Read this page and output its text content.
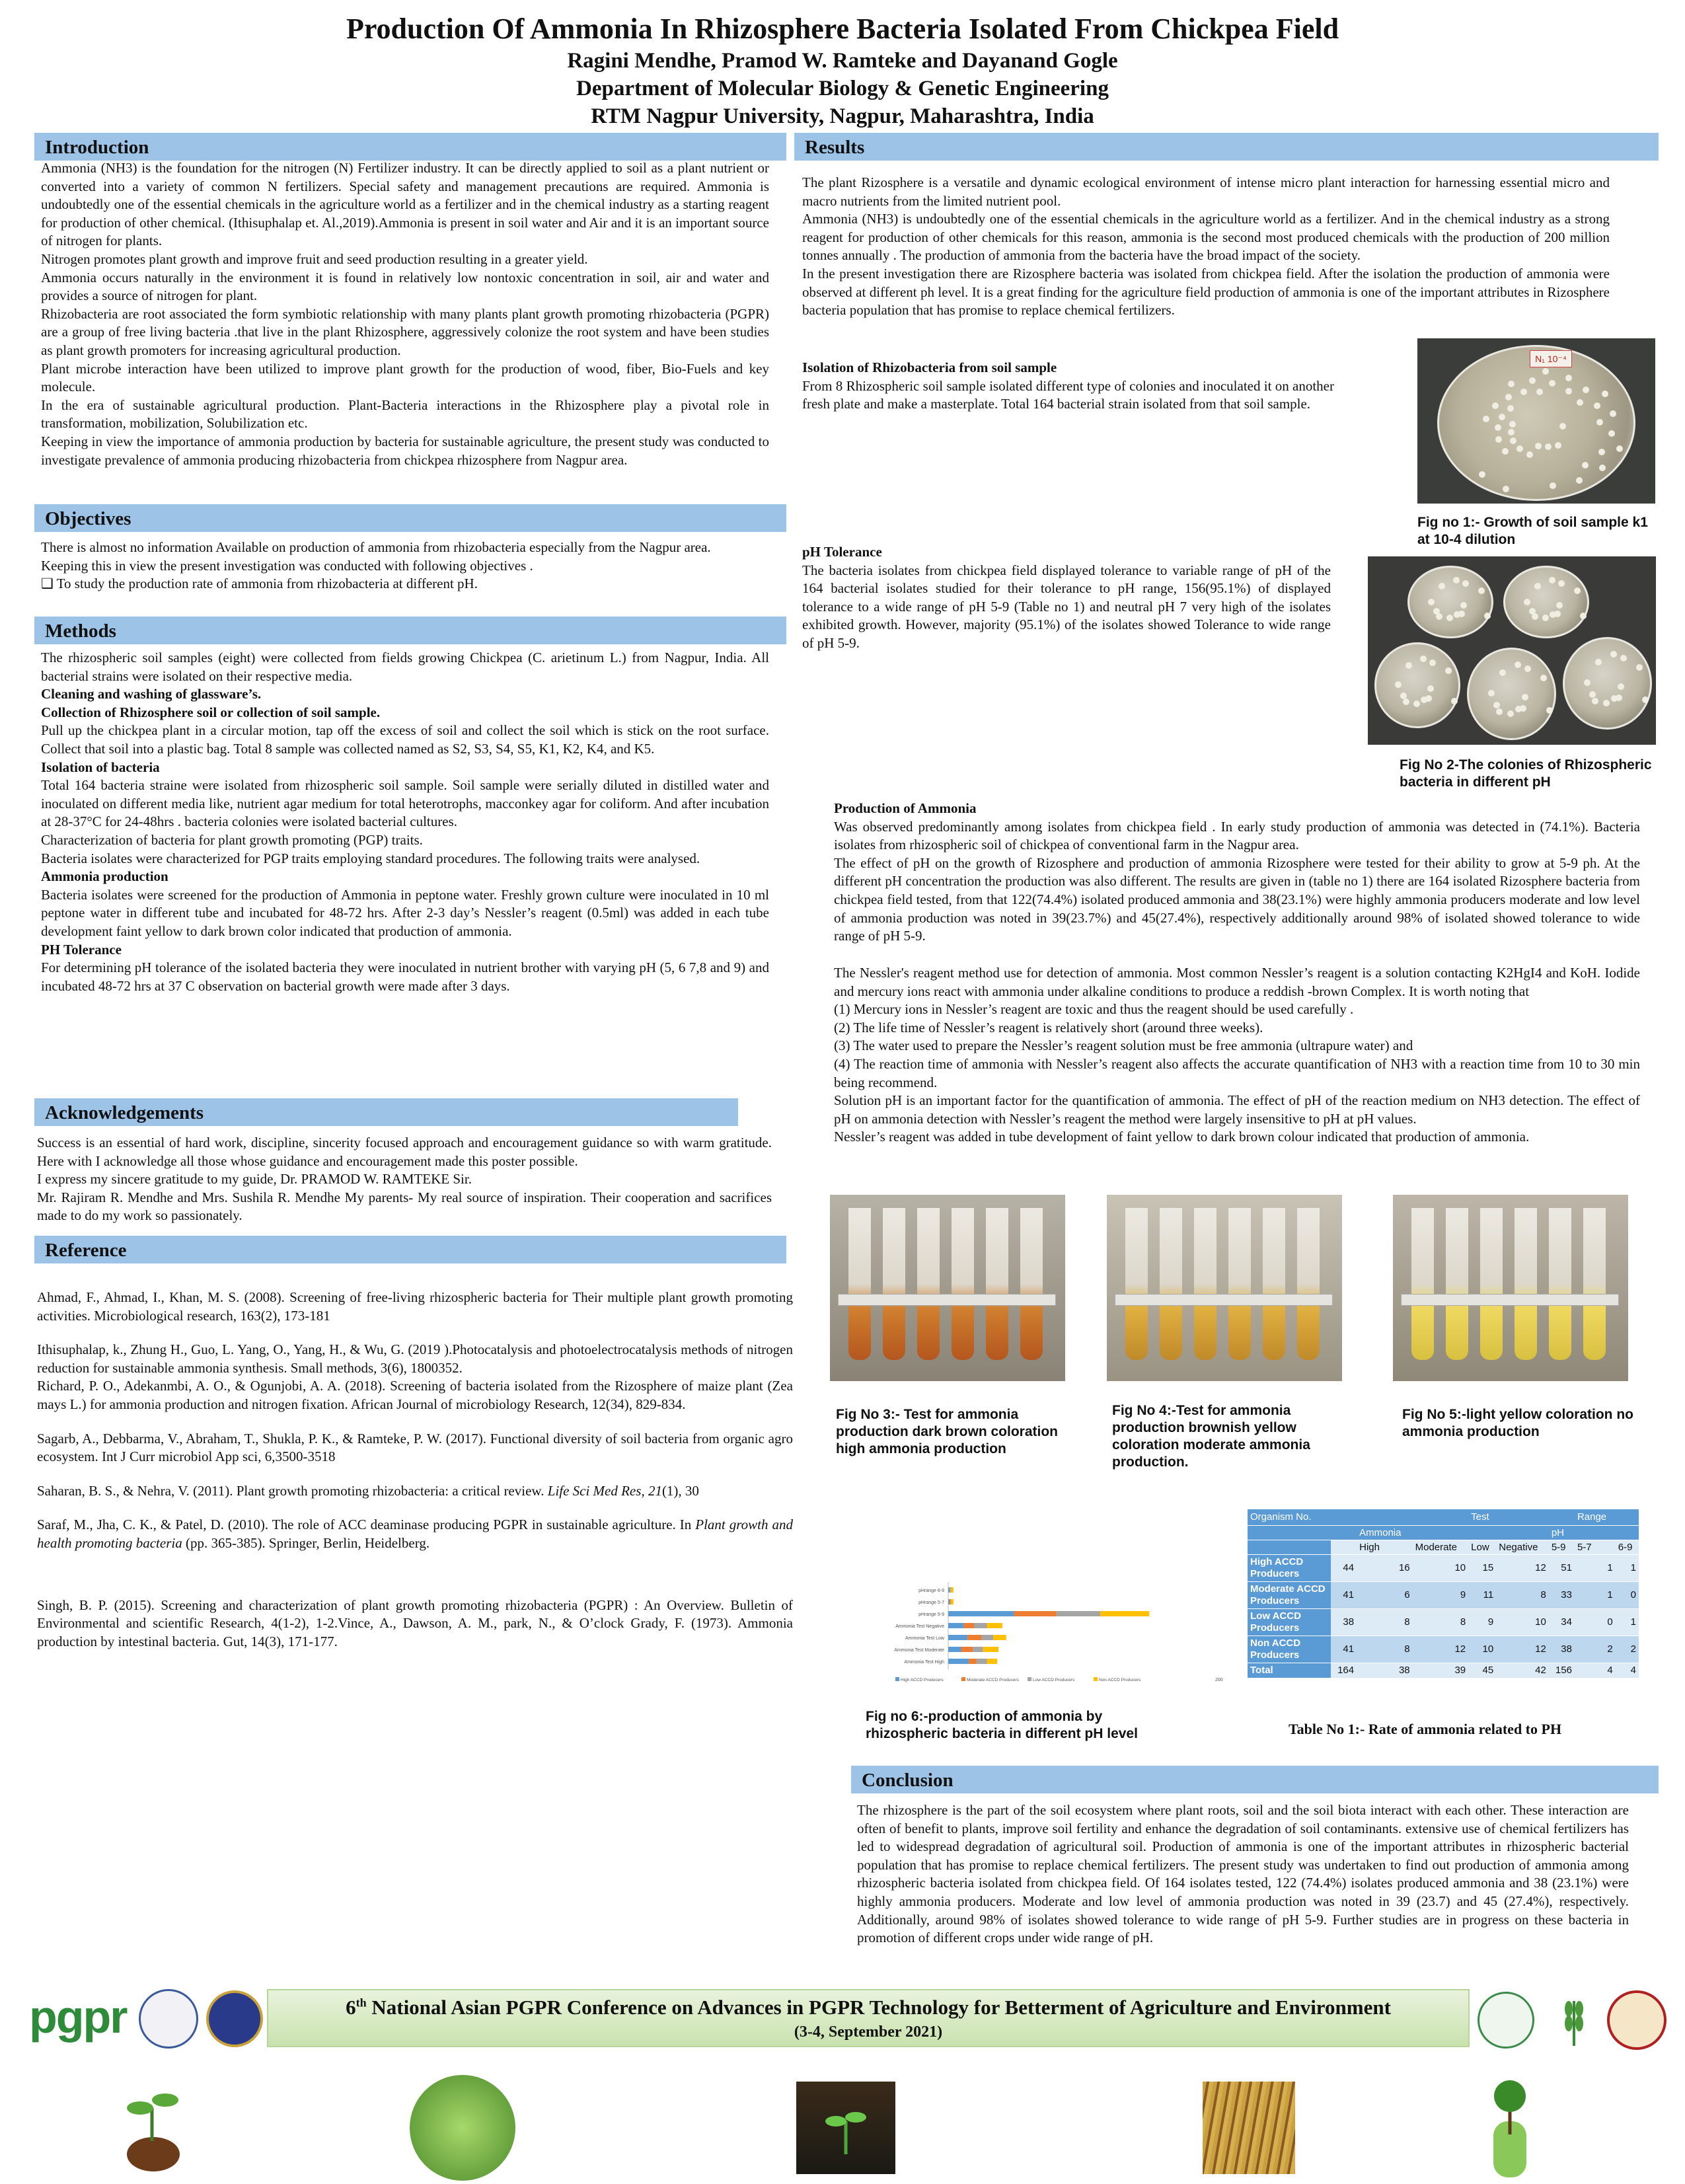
Production Of Ammonia In Rhizosphere Bacteria Isolated From Chickpea Field
Ragini Mendhe, Pramod W. Ramteke and Dayanand Gogle
Department of Molecular Biology & Genetic Engineering
RTM Nagpur University, Nagpur, Maharashtra, India
Introduction

Ammonia (NH3) is the foundation for the nitrogen (N) Fertilizer industry. It can be directly applied to soil as a plant nutrient or converted into a variety of common N fertilizers. Special safety and management precautions are required. Ammonia is undoubtedly one of the essential chemicals in the agriculture world as a fertilizer and in the chemical industry as a starting reagent for production of other chemical. (Ithisuphalap et. Al.,2019).Ammonia is present in soil water and Air and it is an important source of nitrogen for plants.

Nitrogen promotes plant growth and improve fruit and seed production resulting in a greater yield.

Ammonia occurs naturally in the environment it is found in relatively low nontoxic concentration in soil, air and water and provides a source of nitrogen for plant.

Rhizobacteria are root associated the form symbiotic relationship with many plants plant growth promoting rhizobacteria (PGPR) are a group of free living bacteria .that live in the plant Rhizosphere, aggressively colonize the root system and have been studies as plant growth promoters for increasing agricultural production.

Plant microbe interaction have been utilized to improve plant growth for the production of wood, fiber, Bio-Fuels and key molecule.

In the era of sustainable agricultural production. Plant-Bacteria interactions in the Rhizosphere play a pivotal role in transformation, mobilization, Solubilization etc.

Keeping in view the importance of ammonia production by bacteria for sustainable agriculture, the present study was conducted to investigate prevalence of ammonia producing rhizobacteria from chickpea rhizosphere from Nagpur area.

Objectives

There is almost no information Available on production of ammonia from rhizobacteria especially from the Nagpur area.

Keeping this in view the present investigation was conducted with following objectives .

❑ To study the production rate of ammonia from rhizobacteria at different pH.

Methods

The rhizospheric soil samples (eight) were collected from fields growing Chickpea (C. arietinum L.) from Nagpur, India. All bacterial strains were isolated on their respective media.

Cleaning and washing of glassware’s.

Collection of Rhizosphere soil or collection of soil sample.

Pull up the chickpea plant in a circular motion, tap off the excess of soil and collect the soil which is stick on the root surface. Collect that soil into a plastic bag. Total 8 sample was collected named as S2, S3, S4, S5, K1, K2, K4, and K5.

Isolation of bacteria

Total 164 bacteria straine were isolated from rhizospheric soil sample. Soil sample were serially diluted in distilled water and inoculated on different media like, nutrient agar medium for total heterotrophs, macconkey agar for coliform. And after incubation at 28-37°C for 24-48hrs . bacteria colonies were isolated bacterial cultures.

Characterization of bacteria for plant growth promoting (PGP) traits.

Bacteria isolates were characterized for PGP traits employing standard procedures. The following traits were analysed.

Ammonia production

Bacteria isolates were screened for the production of Ammonia in peptone water. Freshly grown culture were inoculated in 10 ml peptone water in different tube and incubated for 48-72 hrs. After 2-3 day’s Nessler’s reagent (0.5ml) was added in each tube development faint yellow to dark brown color indicated that production of ammonia.

PH Tolerance

For determining pH tolerance of the isolated bacteria they were inoculated in nutrient brother with varying pH (5, 6 7,8 and 9) and incubated 48-72 hrs at 37 C observation on bacterial growth were made after 3 days.

Acknowledgements

Success is an essential of hard work, discipline, sincerity focused approach and encouragement guidance so with warm gratitude. Here with I acknowledge all those whose guidance and encouragement made this poster possible.

I express my sincere gratitude to my guide, Dr. PRAMOD W. RAMTEKE Sir.

Mr. Rajiram R. Mendhe and Mrs. Sushila R. Mendhe My parents- My real source of inspiration. Their cooperation and sacrifices made to do my work so passionately.

Reference

Ahmad, F., Ahmad, I., Khan, M. S. (2008). Screening of free-living rhizospheric bacteria for Their multiple plant growth promoting activities. Microbiological research, 163(2), 173-181

Ithisuphalap, k., Zhung H., Guo, L. Yang, O., Yang, H., & Wu, G. (2019 ).Photocatalysis and photoelectrocatalysis methods of nitrogen reduction for sustainable ammonia synthesis. Small methods, 3(6), 1800352.

Richard, P. O., Adekanmbi, A. O., & Ogunjobi, A. A. (2018). Screening of bacteria isolated from the Rizosphere of maize plant (Zea mays L.) for ammonia production and nitrogen fixation. African Journal of microbiology Research, 12(34), 829-834.

Sagarb, A., Debbarma, V., Abraham, T., Shukla, P. K., & Ramteke, P. W. (2017). Functional diversity of soil bacteria from organic agro ecosystem. Int J Curr microbiol App sci, 6,3500-3518

Saharan, B. S., & Nehra, V. (2011). Plant growth promoting rhizobacteria: a critical review. Life Sci Med Res, 21(1), 30

Saraf, M., Jha, C. K., & Patel, D. (2010). The role of ACC deaminase producing PGPR in sustainable agriculture. In Plant growth and health promoting bacteria (pp. 365-385). Springer, Berlin, Heidelberg.

Singh, B. P. (2015). Screening and characterization of plant growth promoting rhizobacteria (PGPR) : An Overview. Bulletin of Environmental and scientific Research, 4(1-2), 1-2.Vince, A., Dawson, A. M., park, N., & O’clock Grady, F. (1973). Ammonia production by intestinal bacteria. Gut, 14(3), 171-177.

Results

The plant Rizosphere is a versatile and dynamic ecological environment of intense micro plant interaction for harnessing essential micro and macro nutrients from the limited nutrient pool.

Ammonia (NH3) is undoubtedly one of the essential chemicals in the agriculture world as a fertilizer. And in the chemical industry as a strong reagent for production of other chemicals for this reason, ammonia is the second most produced chemicals with the production of 200 million tonnes annually . The production of ammonia from the bacteria have the broad impact of the society.

In the present investigation there are Rizosphere bacteria was isolated from chickpea field. After the isolation the production of ammonia were observed at different ph level. It is a great finding for the agriculture field production of ammonia is one of the important attributes in Rizosphere bacteria population that has promise to replace chemical fertilizers.

Isolation of Rhizobacteria from soil sample

From 8 Rhizospheric soil sample isolated different type of colonies and inoculated it on another fresh plate and make a masterplate. Total 164 bacterial strain isolated from that soil sample.

N₁ 10⁻⁴
Fig no 1:- Growth of soil sample k1 at 10-4 dilution

pH Tolerance

The bacteria isolates from chickpea field displayed tolerance to variable range of pH of the 164 bacterial isolates studied for their tolerance to pH range, 156(95.1%) of displayed tolerance to a wide range of pH 5-9 (Table no 1) and neutral pH 7 very high of the isolates exhibited growth. However, majority (95.1%) of the isolates showed Tolerance to wide range of pH 5-9.

Fig No 2-The colonies of Rhizospheric bacteria in different pH

Production of Ammonia

Was observed predominantly among isolates from chickpea field . In early study production of ammonia was detected in (74.1%). Bacteria isolates from rhizospheric soil of chickpea of conventional farm in the Nagpur area.

The effect of pH on the growth of Rizosphere and production of ammonia Rizosphere were tested for their ability to grow at 5-9 ph. At the different pH concentration the production was also different. The results are given in (table no 1) there are 164 isolated Rizosphere bacteria from chickpea field tested, from that 122(74.4%) isolated produced ammonia and 38(23.1%) were highly ammonia producers moderate and low level of ammonia production was noted in 39(23.7%) and 45(27.4%), respectively additionally around 98% of isolated showed tolerance to wide range of pH 5-9.

The Nessler's reagent method use for detection of ammonia. Most common Nessler’s reagent is a solution contacting K2HgI4 and KoH. Iodide and mercury ions react with ammonia under alkaline conditions to produce a reddish -brown Complex. It is worth noting that

(1) Mercury ions in Nessler’s reagent are toxic and thus the reagent should be used carefully .

(2) The life time of Nessler’s reagent is relatively short (around three weeks).

(3) The water used to prepare the Nessler’s reagent solution must be free ammonia (ultrapure water) and

(4) The reaction time of ammonia with Nessler’s reagent also affects the accurate quantification of NH3 with a reaction time from 10 to 30 min being recommend.

Solution pH is an important factor for the quantification of ammonia. The effect of pH of the reaction medium on NH3 detection. The effect of pH on ammonia detection with Nessler’s reagent the method were largely insensitive to pH at pH values.

Nessler’s reagent was added in tube development of faint yellow to dark brown colour indicated that production of ammonia.

Fig No 3:- Test for ammonia production dark brown coloration high ammonia production
Fig No 4:-Test for ammonia production brownish yellow coloration moderate ammonia production.
Fig No 5:-light yellow coloration no ammonia production
pHrange 6-9
pHrange 5-7
pHrange 5-9
Ammonia Test Negative
Ammonia Test Low
Ammonia Test Moderate
Ammonia Test High
200
High ACCD Producers	Moderate ACCD Producers	Low ACCD Producers	Non ACCD Producers
Fig no 6:-production of ammonia by rhizospheric bacteria in different pH level
Organism No.				Test			Range	
		Ammonia				pH		
		High	Moderate	Low	Negative	5-9	5-7	6-9
High ACCD Producers	44	16	10	15	12	51	1	1
Moderate ACCD Producers	41	6	9	11	8	33	1	0
Low ACCD Producers	38	8	8	9	10	34	0	1
Non ACCD Producers	41	8	12	10	12	38	2	2
Total	164	38	39	45	42	156	4	4
Table No 1:- Rate of ammonia related to PH
Conclusion
The rhizosphere is the part of the soil ecosystem where plant roots, soil and the soil biota interact with each other. These interaction are often of benefit to plants, improve soil fertility and enhance the degradation of soil contaminants. extensive use of chemical fertilizers has led to widespread degradation of agricultural soil. Production of ammonia is one of the important attributes in rhizospheric bacterial population that has promise to replace chemical fertilizers. The present study was undertaken to find out production of ammonia among rhizospheric bacteria isolated from chickpea field. Of 164 isolates tested, 122 (74.4%) isolates produced ammonia and 38 (23.1%) were highly ammonia producers. Moderate and low level of ammonia production was noted in 39 (23.7) and 45 (27.4%), respectively. Additionally, around 98% of isolates showed tolerance to wide range of pH 5-9. Further studies are in progress on these bacteria in promotion of different crops under wide range of pH.
pgpr	6th National Asian PGPR Conference on Advances in PGPR Technology for Betterment of Agriculture and Environment
(3-4, September 2021)
